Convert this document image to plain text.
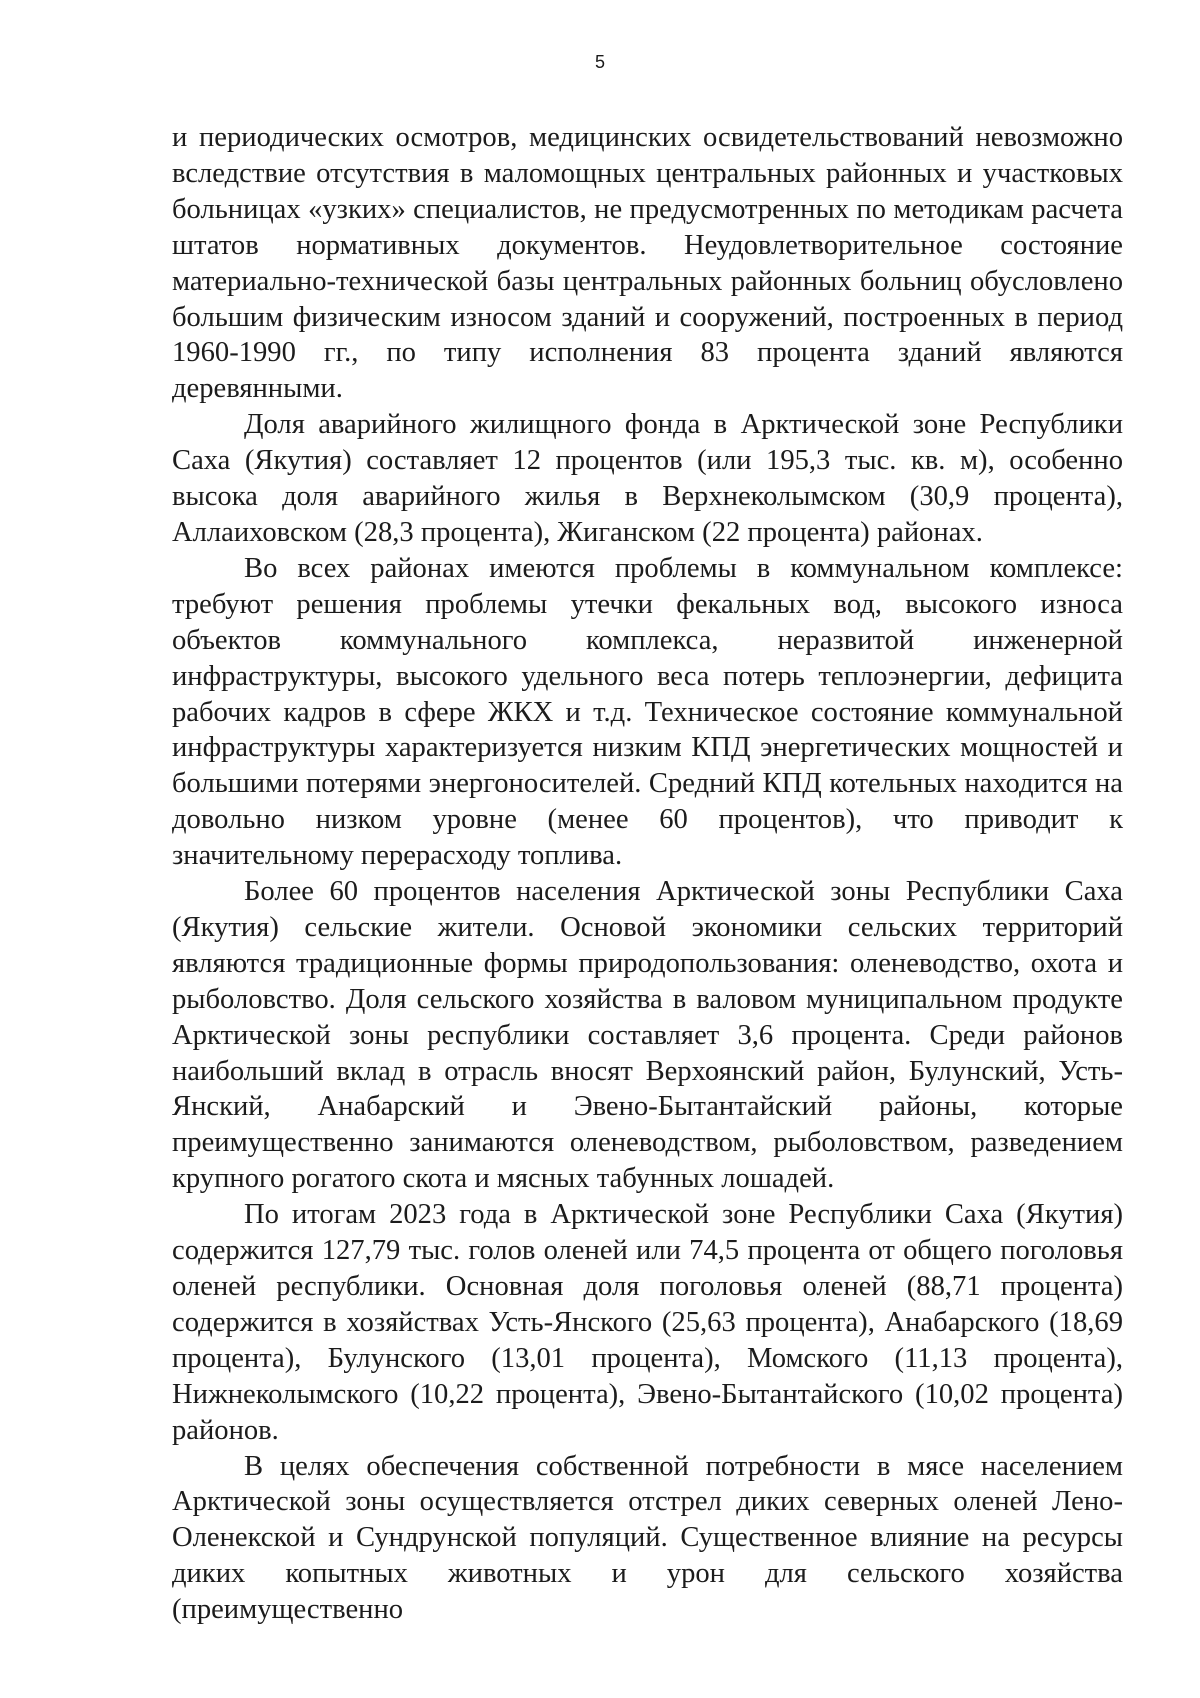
5

и периодических осмотров, медицинских освидетельствований невозможно вследствие отсутствия в маломощных центральных районных и участковых больницах «узких» специалистов, не предусмотренных по методикам расчета штатов нормативных документов. Неудовлетворительное состояние материально-технической базы центральных районных больниц обусловлено большим физическим износом зданий и сооружений, построенных в период 1960-1990 гг., по типу исполнения 83 процента зданий являются деревянными.

Доля аварийного жилищного фонда в Арктической зоне Республики Саха (Якутия) составляет 12 процентов (или 195,3 тыс. кв. м), особенно высока доля аварийного жилья в Верхнеколымском (30,9 процента), Аллаиховском (28,3 процента), Жиганском (22 процента) районах.

Во всех районах имеются проблемы в коммунальном комплексе: требуют решения проблемы утечки фекальных вод, высокого износа объектов коммунального комплекса, неразвитой инженерной инфраструктуры, высокого удельного веса потерь теплоэнергии, дефицита рабочих кадров в сфере ЖКХ и т.д. Техническое состояние коммунальной инфраструктуры характеризуется низким КПД энергетических мощностей и большими потерями энергоносителей. Средний КПД котельных находится на довольно низком уровне (менее 60 процентов), что приводит к значительному перерасходу топлива.

Более 60 процентов населения Арктической зоны Республики Саха (Якутия) сельские жители. Основой экономики сельских территорий являются традиционные формы природопользования: оленеводство, охота и рыболовство. Доля сельского хозяйства в валовом муниципальном продукте Арктической зоны республики составляет 3,6 процента. Среди районов наибольший вклад в отрасль вносят Верхоянский район, Булунский, Усть-Янский, Анабарский и Эвено-Бытантайский районы, которые преимущественно занимаются оленеводством, рыболовством, разведением крупного рогатого скота и мясных табунных лошадей.

По итогам 2023 года в Арктической зоне Республики Саха (Якутия) содержится 127,79 тыс. голов оленей или 74,5 процента от общего поголовья оленей республики. Основная доля поголовья оленей (88,71 процента) содержится в хозяйствах Усть-Янского (25,63 процента), Анабарского (18,69 процента), Булунского (13,01 процента), Момского (11,13 процента), Нижнеколымского (10,22 процента), Эвено-Бытантайского (10,02 процента) районов.

В целях обеспечения собственной потребности в мясе населением Арктической зоны осуществляется отстрел диких северных оленей Лено-Оленекской и Сундрунской популяций. Существенное влияние на ресурсы диких копытных животных и урон для сельского хозяйства (преимущественно
